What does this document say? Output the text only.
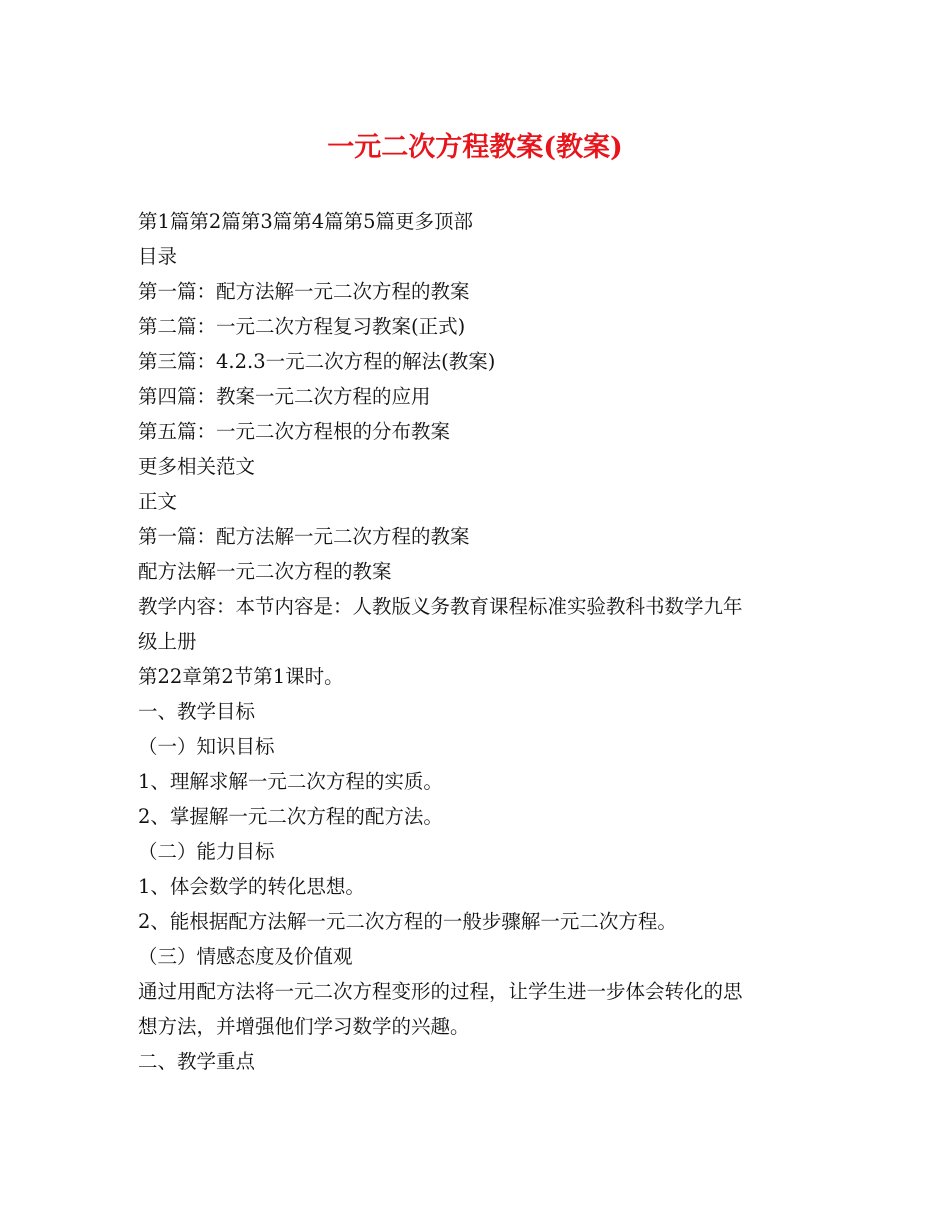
一元二次方程教案(教案)
第1篇第2篇第3篇第4篇第5篇更多顶部
目录
第一篇：配方法解一元二次方程的教案
第二篇：一元二次方程复习教案(正式)
第三篇：4.2.3一元二次方程的解法(教案)
第四篇：教案一元二次方程的应用
第五篇：一元二次方程根的分布教案
更多相关范文
正文
第一篇：配方法解一元二次方程的教案
配方法解一元二次方程的教案
教学内容：本节内容是：人教版义务教育课程标准实验教科书数学九年
级上册
第22章第2节第1课时。
一、教学目标
（一）知识目标
1、理解求解一元二次方程的实质。
2、掌握解一元二次方程的配方法。
（二）能力目标
1、体会数学的转化思想。
2、能根据配方法解一元二次方程的一般步骤解一元二次方程。
（三）情感态度及价值观
通过用配方法将一元二次方程变形的过程，让学生进一步体会转化的思
想方法，并增强他们学习数学的兴趣。
二、教学重点
